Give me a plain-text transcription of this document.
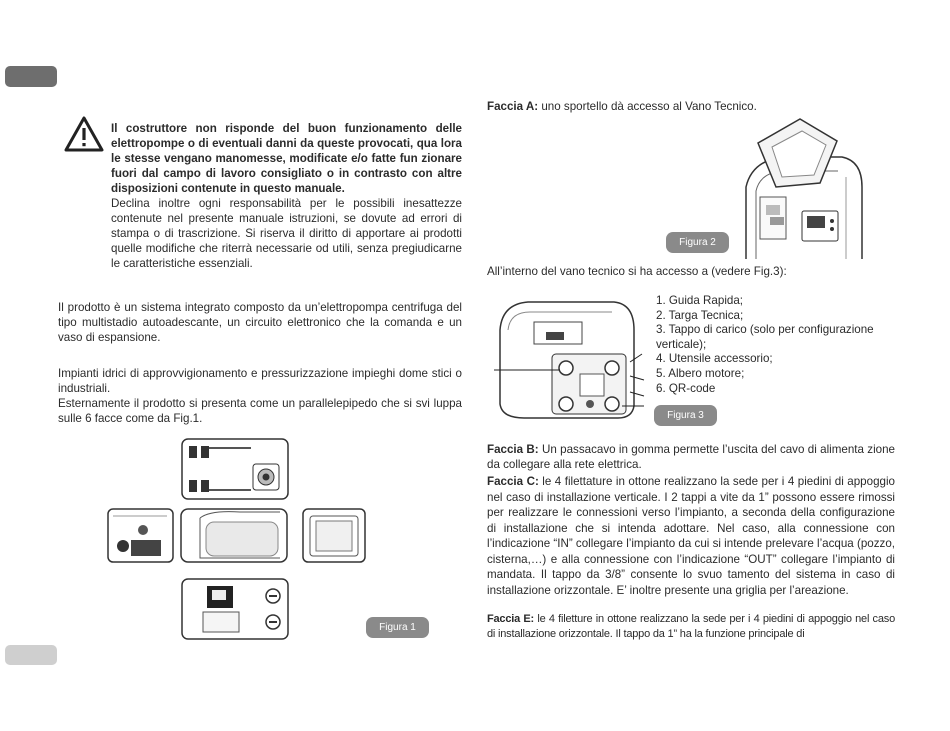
Il costruttore non risponde del buon funzionamento delle elettropompe o di eventuali danni da queste provocati, qua lora le stesse vengano manomesse, modificate e/o fatte fun zionare fuori dal campo di lavoro consigliato o in contrasto con altre disposizioni contenute in questo manuale.
Declina inoltre ogni responsabilità per le possibili inesattezze contenute nel presente manuale istruzioni, se dovute ad errori di stampa o di trascrizione. Si riserva il diritto di apportare ai prodotti quelle modifiche che riterrà necessarie od utili, senza pregiudicarne le caratteristiche essenziali.
Il prodotto è un sistema integrato composto da un’elettropompa centrifuga del tipo multistadio autoadescante, un circuito elettronico che la comanda e un vaso di espansione.
Impianti idrici di approvvigionamento e pressurizzazione impieghi dome stici o industriali.
Esternamente il prodotto si presenta come un parallelepipedo che si svi luppa sulle 6 facce come da Fig.1.
Figura 1
Faccia A: uno sportello dà accesso al Vano Tecnico.
Figura 2
All’interno del vano tecnico si ha accesso a (vedere Fig.3):
1. Guida Rapida;
2. Targa Tecnica;
3. Tappo di carico (solo per configurazione
verticale);
4. Utensile accessorio;
5. Albero motore;
6. QR-code
Figura 3
Faccia B: Un passacavo in gomma permette l’uscita del cavo di alimenta zione da collegare alla rete elettrica.
Faccia C: le 4 filettature in ottone realizzano la sede per i 4 piedini di appoggio nel caso di installazione verticale. I 2 tappi a vite da 1” possono essere rimossi per realizzare le connessioni verso l’impianto, a seconda della configurazione di installazione che si intenda adottare. Nel caso, alla connessione con l’indicazione “IN” collegare l’impianto da cui si intende prelevare l’acqua (pozzo, cisterna,…) e alla connessione con l’indicazione “OUT” collegare l’impianto di mandata. Il tappo da 3/8” consente lo svuo tamento del sistema in caso di installazione orizzontale. E’ inoltre presente una griglia per l’areazione.
Faccia E: le 4 filetture in ottone realizzano la sede per i 4 piedini di appoggio nel caso di installazione orizzontale. Il tappo da 1” ha la funzione principale di
